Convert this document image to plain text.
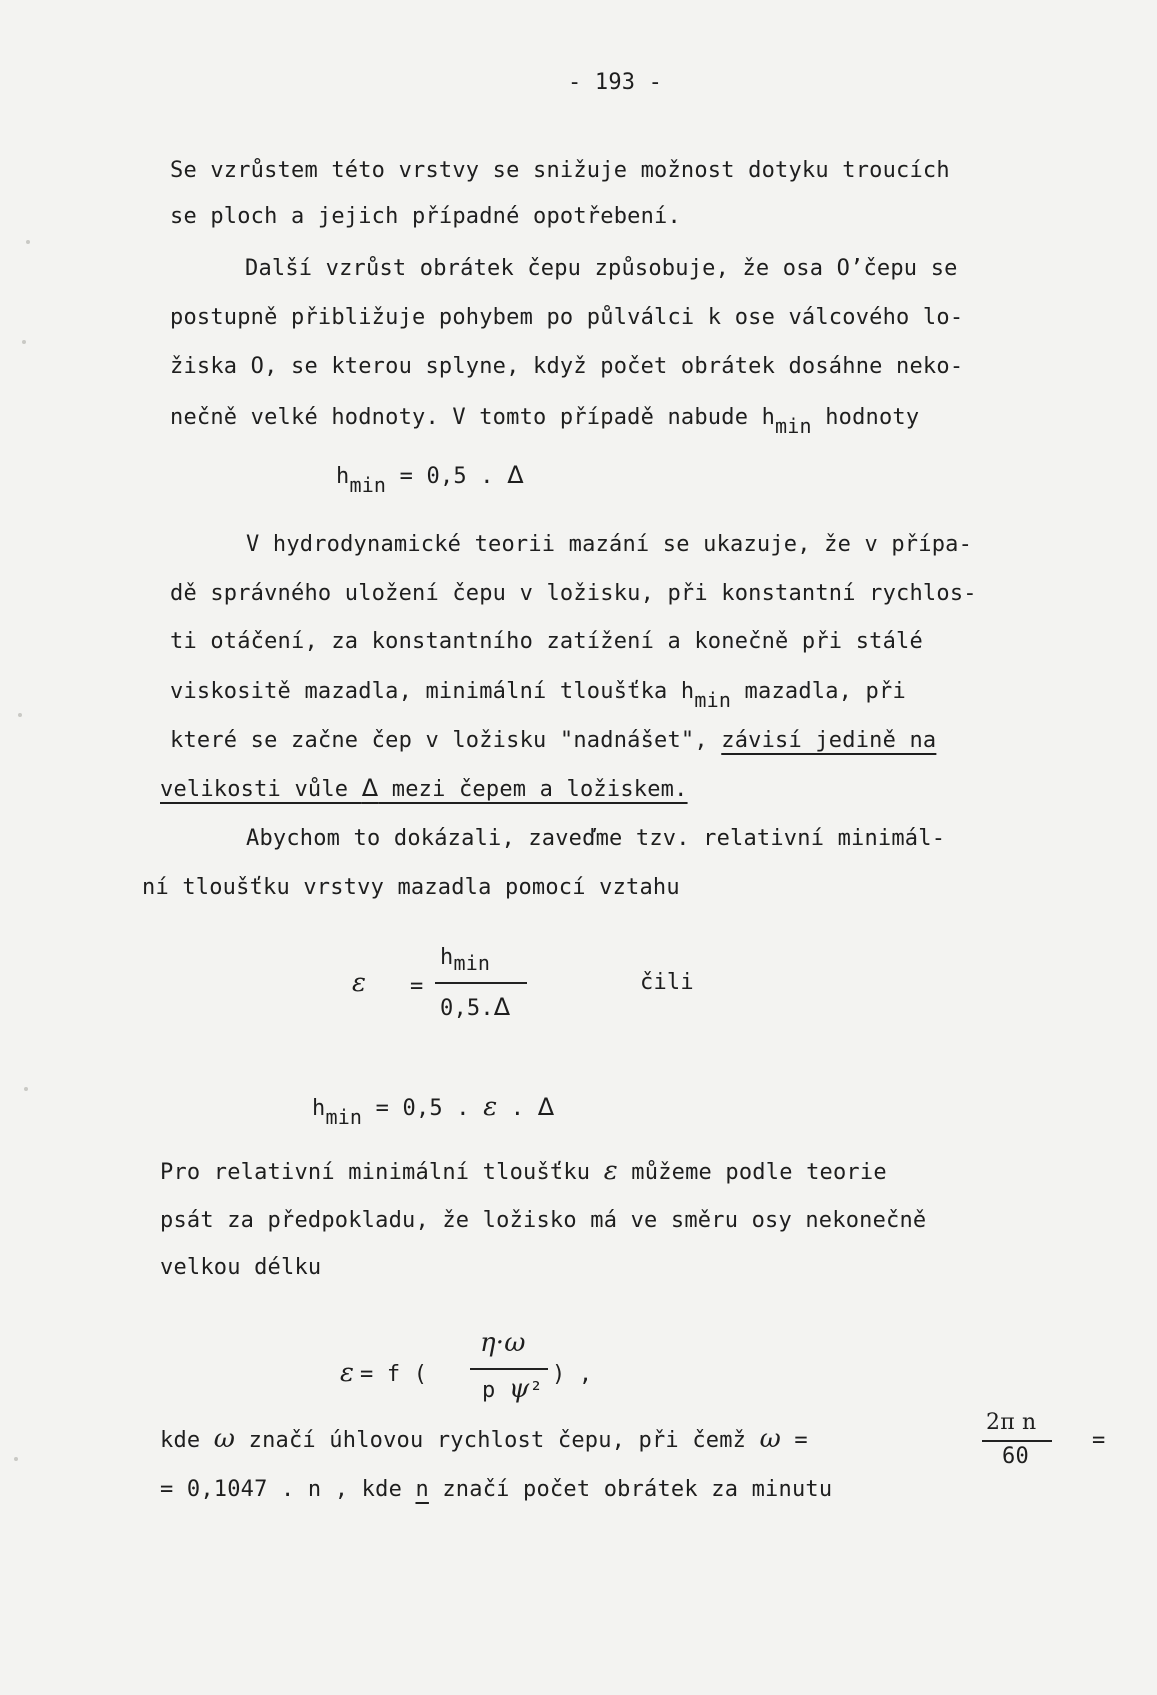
- 193 -
Se vzrůstem této vrstvy se snižuje možnost dotyku troucích
se ploch a jejich případné opotřebení.
Další vzrůst obrátek čepu způsobuje, že osa O’čepu se
postupně přibližuje pohybem po půlválci k ose válcového lo-
žiska O, se kterou splyne, když počet obrátek dosáhne neko-
nečně velké hodnoty. V tomto případě nabude hmin hodnoty
hmin = 0,5 . Δ
V hydrodynamické teorii mazání se ukazuje, že v přípa-
dě správného uložení čepu v ložisku, při konstantní rychlos-
ti otáčení, za konstantního zatížení a konečně při stálé
viskositě mazadla, minimální tloušťka hmin mazadla, při
které se začne čep v ložisku "nadnášet", závisí jedině na
velikosti vůle Δ mezi čepem a ložiskem.
Abychom to dokázali, zaveďme tzv. relativní minimál-
ní tloušťku vrstvy mazadla pomocí vztahu
ε =
hmin
0,5.Δ
čili
hmin = 0,5 . ε . Δ
Pro relativní minimální tloušťku ε můžeme podle teorie
psát za předpokladu, že ložisko má ve směru osy nekonečně
velkou délku
ε = f (
η·ω
p ψ²
) ,
kde ω značí úhlovou rychlost čepu, při čemž ω =
2π n
60
=
= 0,1047 . n , kde n značí počet obrátek za minutu
